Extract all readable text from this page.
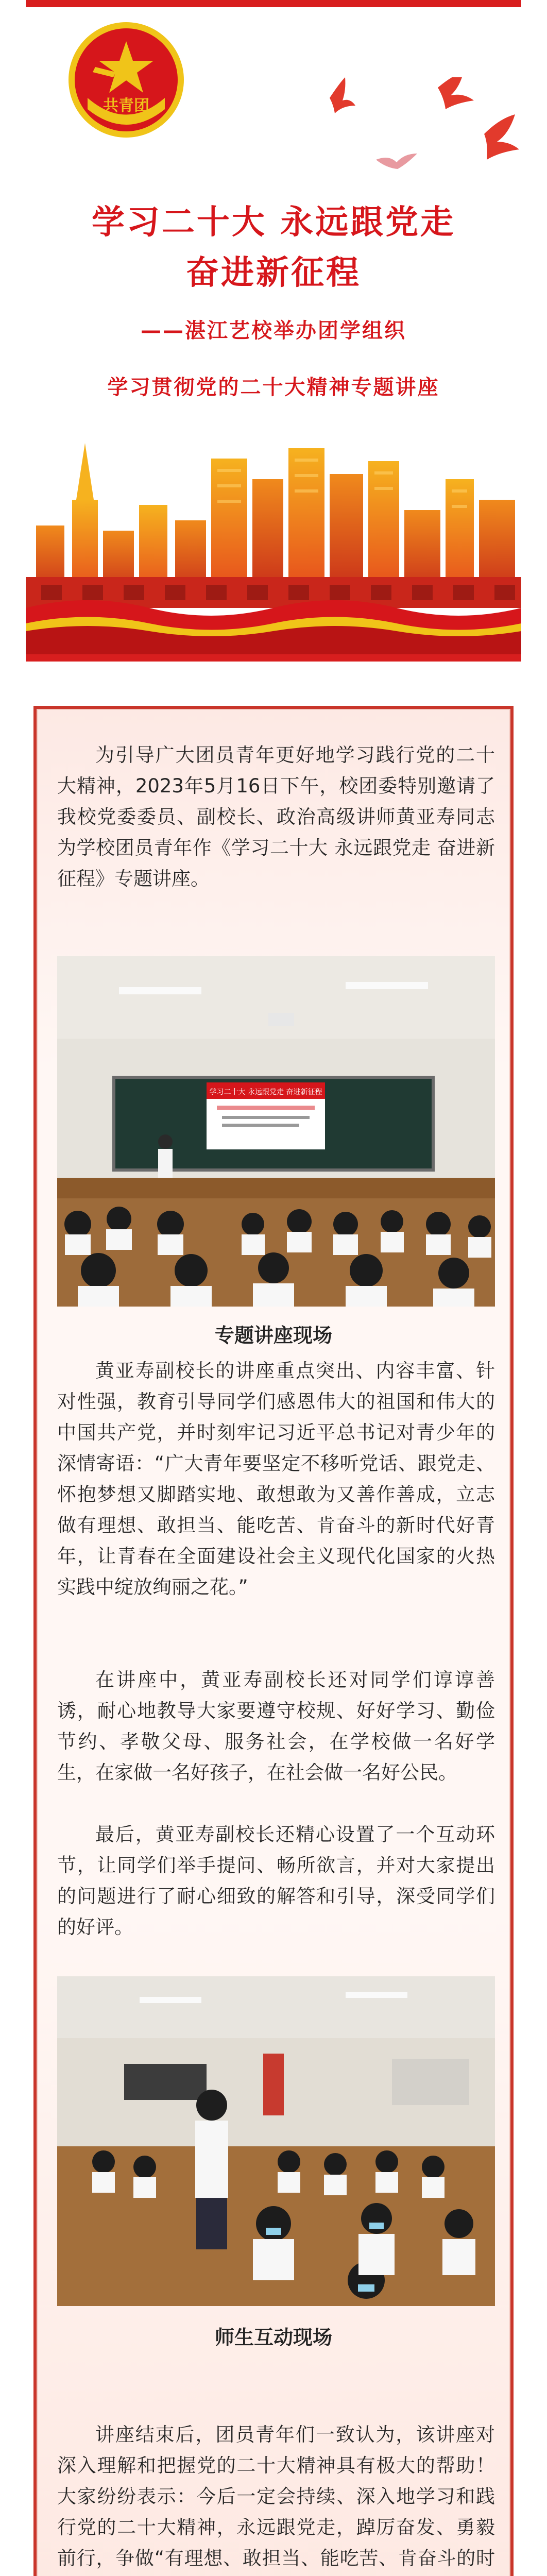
共青团
学习二十大 永远跟党走
奋进新征程
——湛江艺校举办团学组织
学习贯彻党的二十大精神专题讲座
为引导广大团员青年更好地学习践行党的二十大精神，2023年5月16日下午，校团委特别邀请了我校党委委员、副校长、政治高级讲师黄亚寿同志为学校团员青年作《学习二十大 永远跟党走 奋进新征程》专题讲座。
学习二十大 永远跟党走 奋进新征程
专题讲座现场
黄亚寿副校长的讲座重点突出、内容丰富、针对性强，教育引导同学们感恩伟大的祖国和伟大的中国共产党，并时刻牢记习近平总书记对青少年的深情寄语：“广大青年要坚定不移听党话、跟党走、怀抱梦想又脚踏实地、敢想敢为又善作善成，立志做有理想、敢担当、能吃苦、肯奋斗的新时代好青年，让青春在全面建设社会主义现代化国家的火热实践中绽放绚丽之花。”
在讲座中，黄亚寿副校长还对同学们谆谆善诱，耐心地教导大家要遵守校规、好好学习、勤俭节约、孝敬父母、服务社会，在学校做一名好学生，在家做一名好孩子，在社会做一名好公民。
最后，黄亚寿副校长还精心设置了一个互动环节，让同学们举手提问、畅所欲言，并对大家提出的问题进行了耐心细致的解答和引导，深受同学们的好评。
师生互动现场
讲座结束后，团员青年们一致认为，该讲座对深入理解和把握党的二十大精神具有极大的帮助！大家纷纷表示：今后一定会持续、深入地学习和践行党的二十大精神，永远跟党走，踔厉奋发、勇毅前行，争做“有理想、敢担当、能吃苦、肯奋斗的时
